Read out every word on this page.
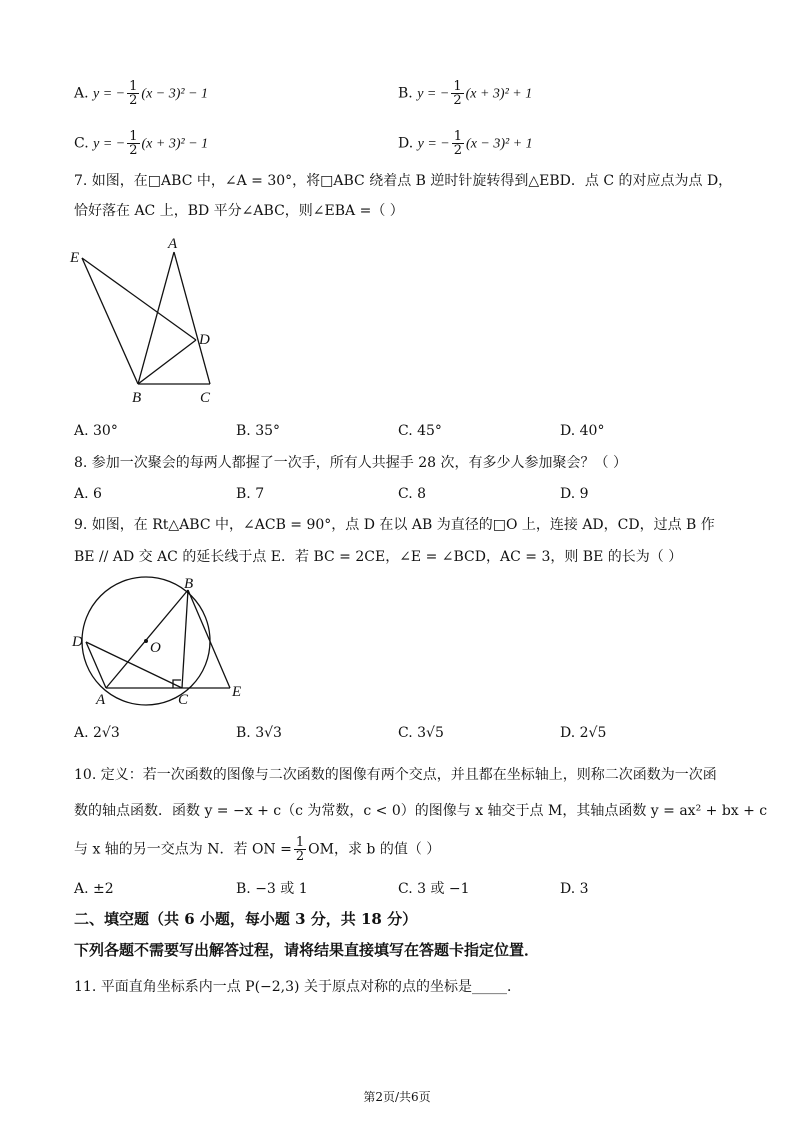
A. y = − $\frac{1}{2} (x - 3)^2 - 1$	B. y = − $\frac{1}{2} (x + 3)^2 + 1$
C. y = − $\frac{1}{2} (x + 3)^2 - 1$	D. y = − $\frac{1}{2} (x - 3)^2 + 1$
7. 如图，在□ABC 中，∠A = 30°，将□ABC 绕着点 B 逆时针旋转得到△EBD．点 C 的对应点为点 D，
恰好落在 AC 上，BD 平分∠ABC，则∠EBA =（ ）
E
A
D
B	C
A. 30°	B. 35°	C. 45°	D. 40°
8. 参加一次聚会的每两人都握了一次手，所有人共握手 28 次，有多少人参加聚会？（ ）
A. 6	B. 7	C. 8	D. 9
9. 如图，在 Rt△ABC 中，∠ACB = 90°，点 D 在以 AB 为直径的□O 上，连接 AD，CD，过点 B 作
BE // AD 交 AC 的延长线于点 E．若 BC = 2CE，∠E = ∠BCD，AC = 3，则 BE 的长为（ ）
B
D	O
A	C	E
A. 2√3	B. 3√3	C. 3√5	D. 2√5
10. 定义：若一次函数的图像与二次函数的图像有两个交点，并且都在坐标轴上，则称二次函数为一次函
数的轴点函数．函数 y = −x + c（c 为常数，c < 0）的图像与 x 轴交于点 M，其轴点函数 y = ax² + bx + c
与 x 轴的另一交点为 N．若 ON = $\frac{1}{2}$ OM，求 b 的值（ ）
A. ±2	B. −3 或 1	C. 3 或 −1	D. 3
二、填空题（共 6 小题，每小题 3 分，共 18 分）
下列各题不需要写出解答过程，请将结果直接填写在答题卡指定位置．
11. 平面直角坐标系内一点 P(−2,3) 关于原点对称的点的坐标是_____．
第2页/共6页
